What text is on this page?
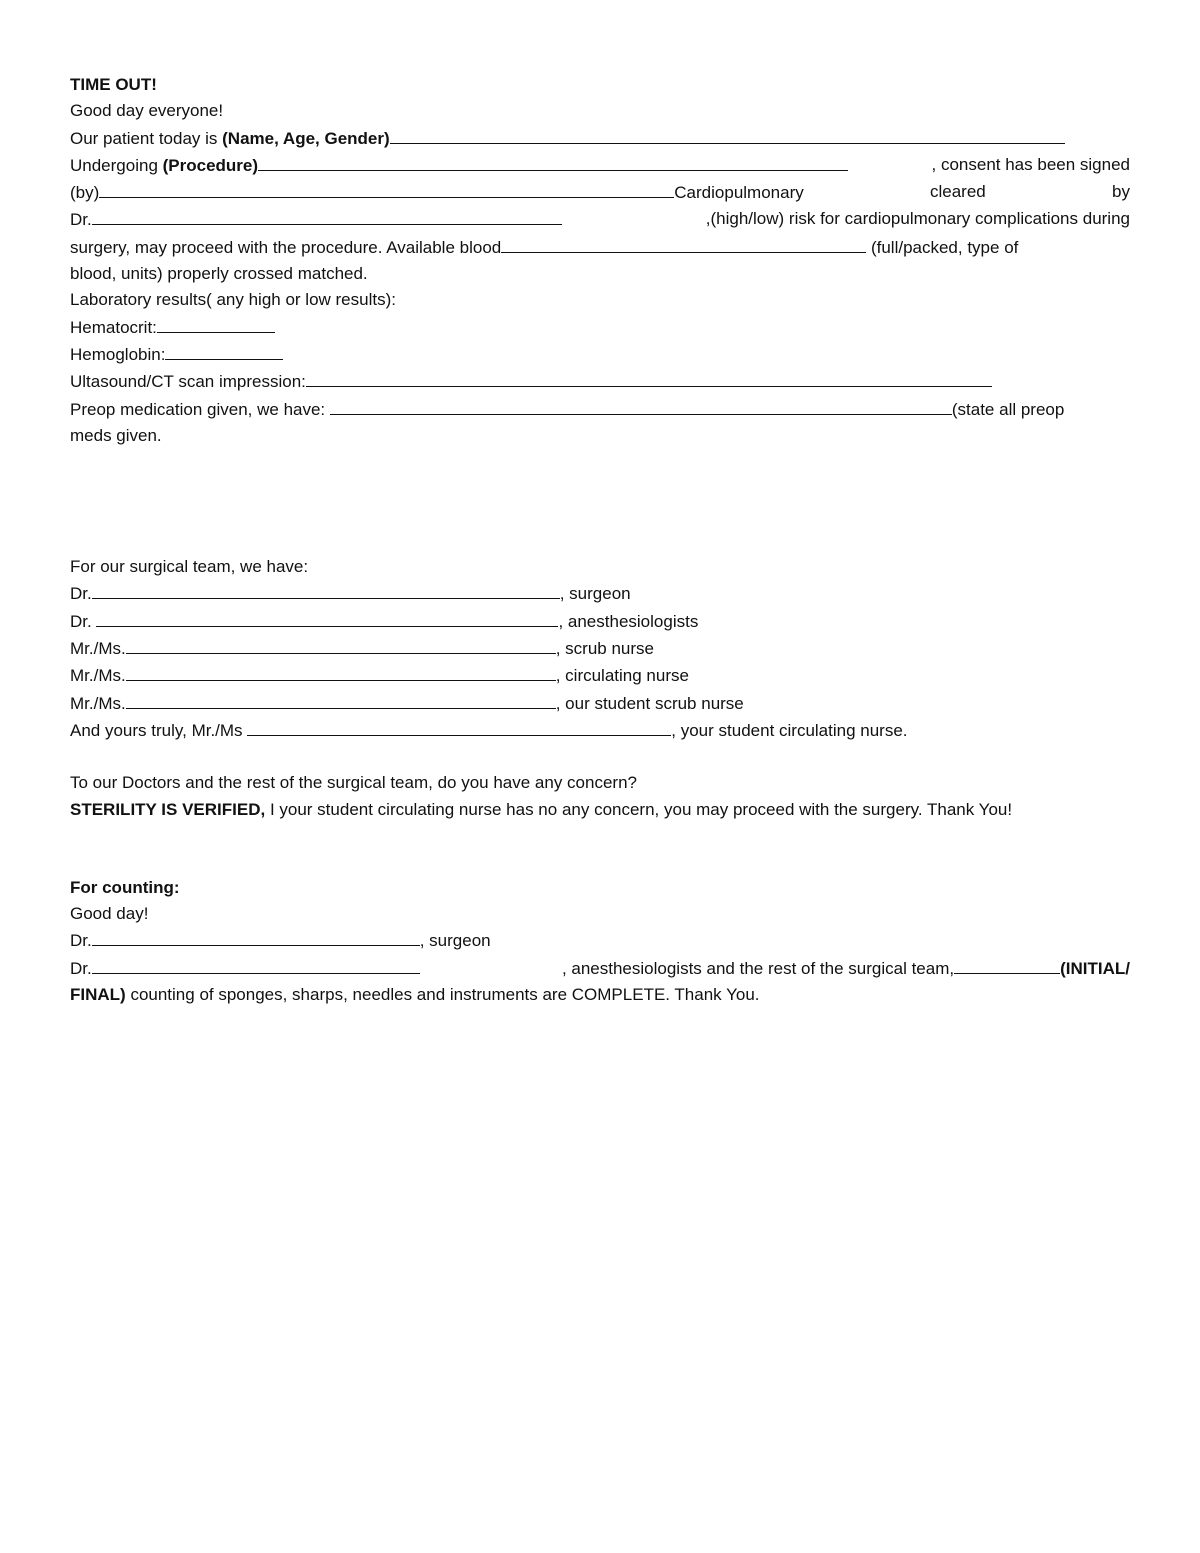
TIME OUT!
Good day everyone!
Our patient today is (Name, Age, Gender)
Undergoing (Procedure)	, consent has been signed
(by)	Cardiopulmonary	cleared	by
Dr.	,(high/low) risk for cardiopulmonary complications during
surgery, may proceed with the procedure. Available blood	(full/packed, type of
blood, units) properly crossed matched.
Laboratory results( any high or low results):
Hematocrit:
Hemoglobin:
Ultasound/CT scan impression:
Preop medication given, we have:	(state all preop
meds given.
For our surgical team, we have:
Dr.	, surgeon
Dr.	, anesthesiologists
Mr./Ms.	, scrub nurse
Mr./Ms.	, circulating nurse
Mr./Ms.	, our student scrub nurse
And yours truly, Mr./Ms	, your student circulating nurse.
To our Doctors and the rest of the surgical team, do you have any concern?
STERILITY IS VERIFIED, I your student circulating nurse has no any concern, you may proceed with the surgery. Thank You!
For counting:
Good day!
Dr.	, surgeon
Dr.	, anesthesiologists and the rest of the surgical team,	(INITIAL/
FINAL) counting of sponges, sharps, needles and instruments are COMPLETE. Thank You.
